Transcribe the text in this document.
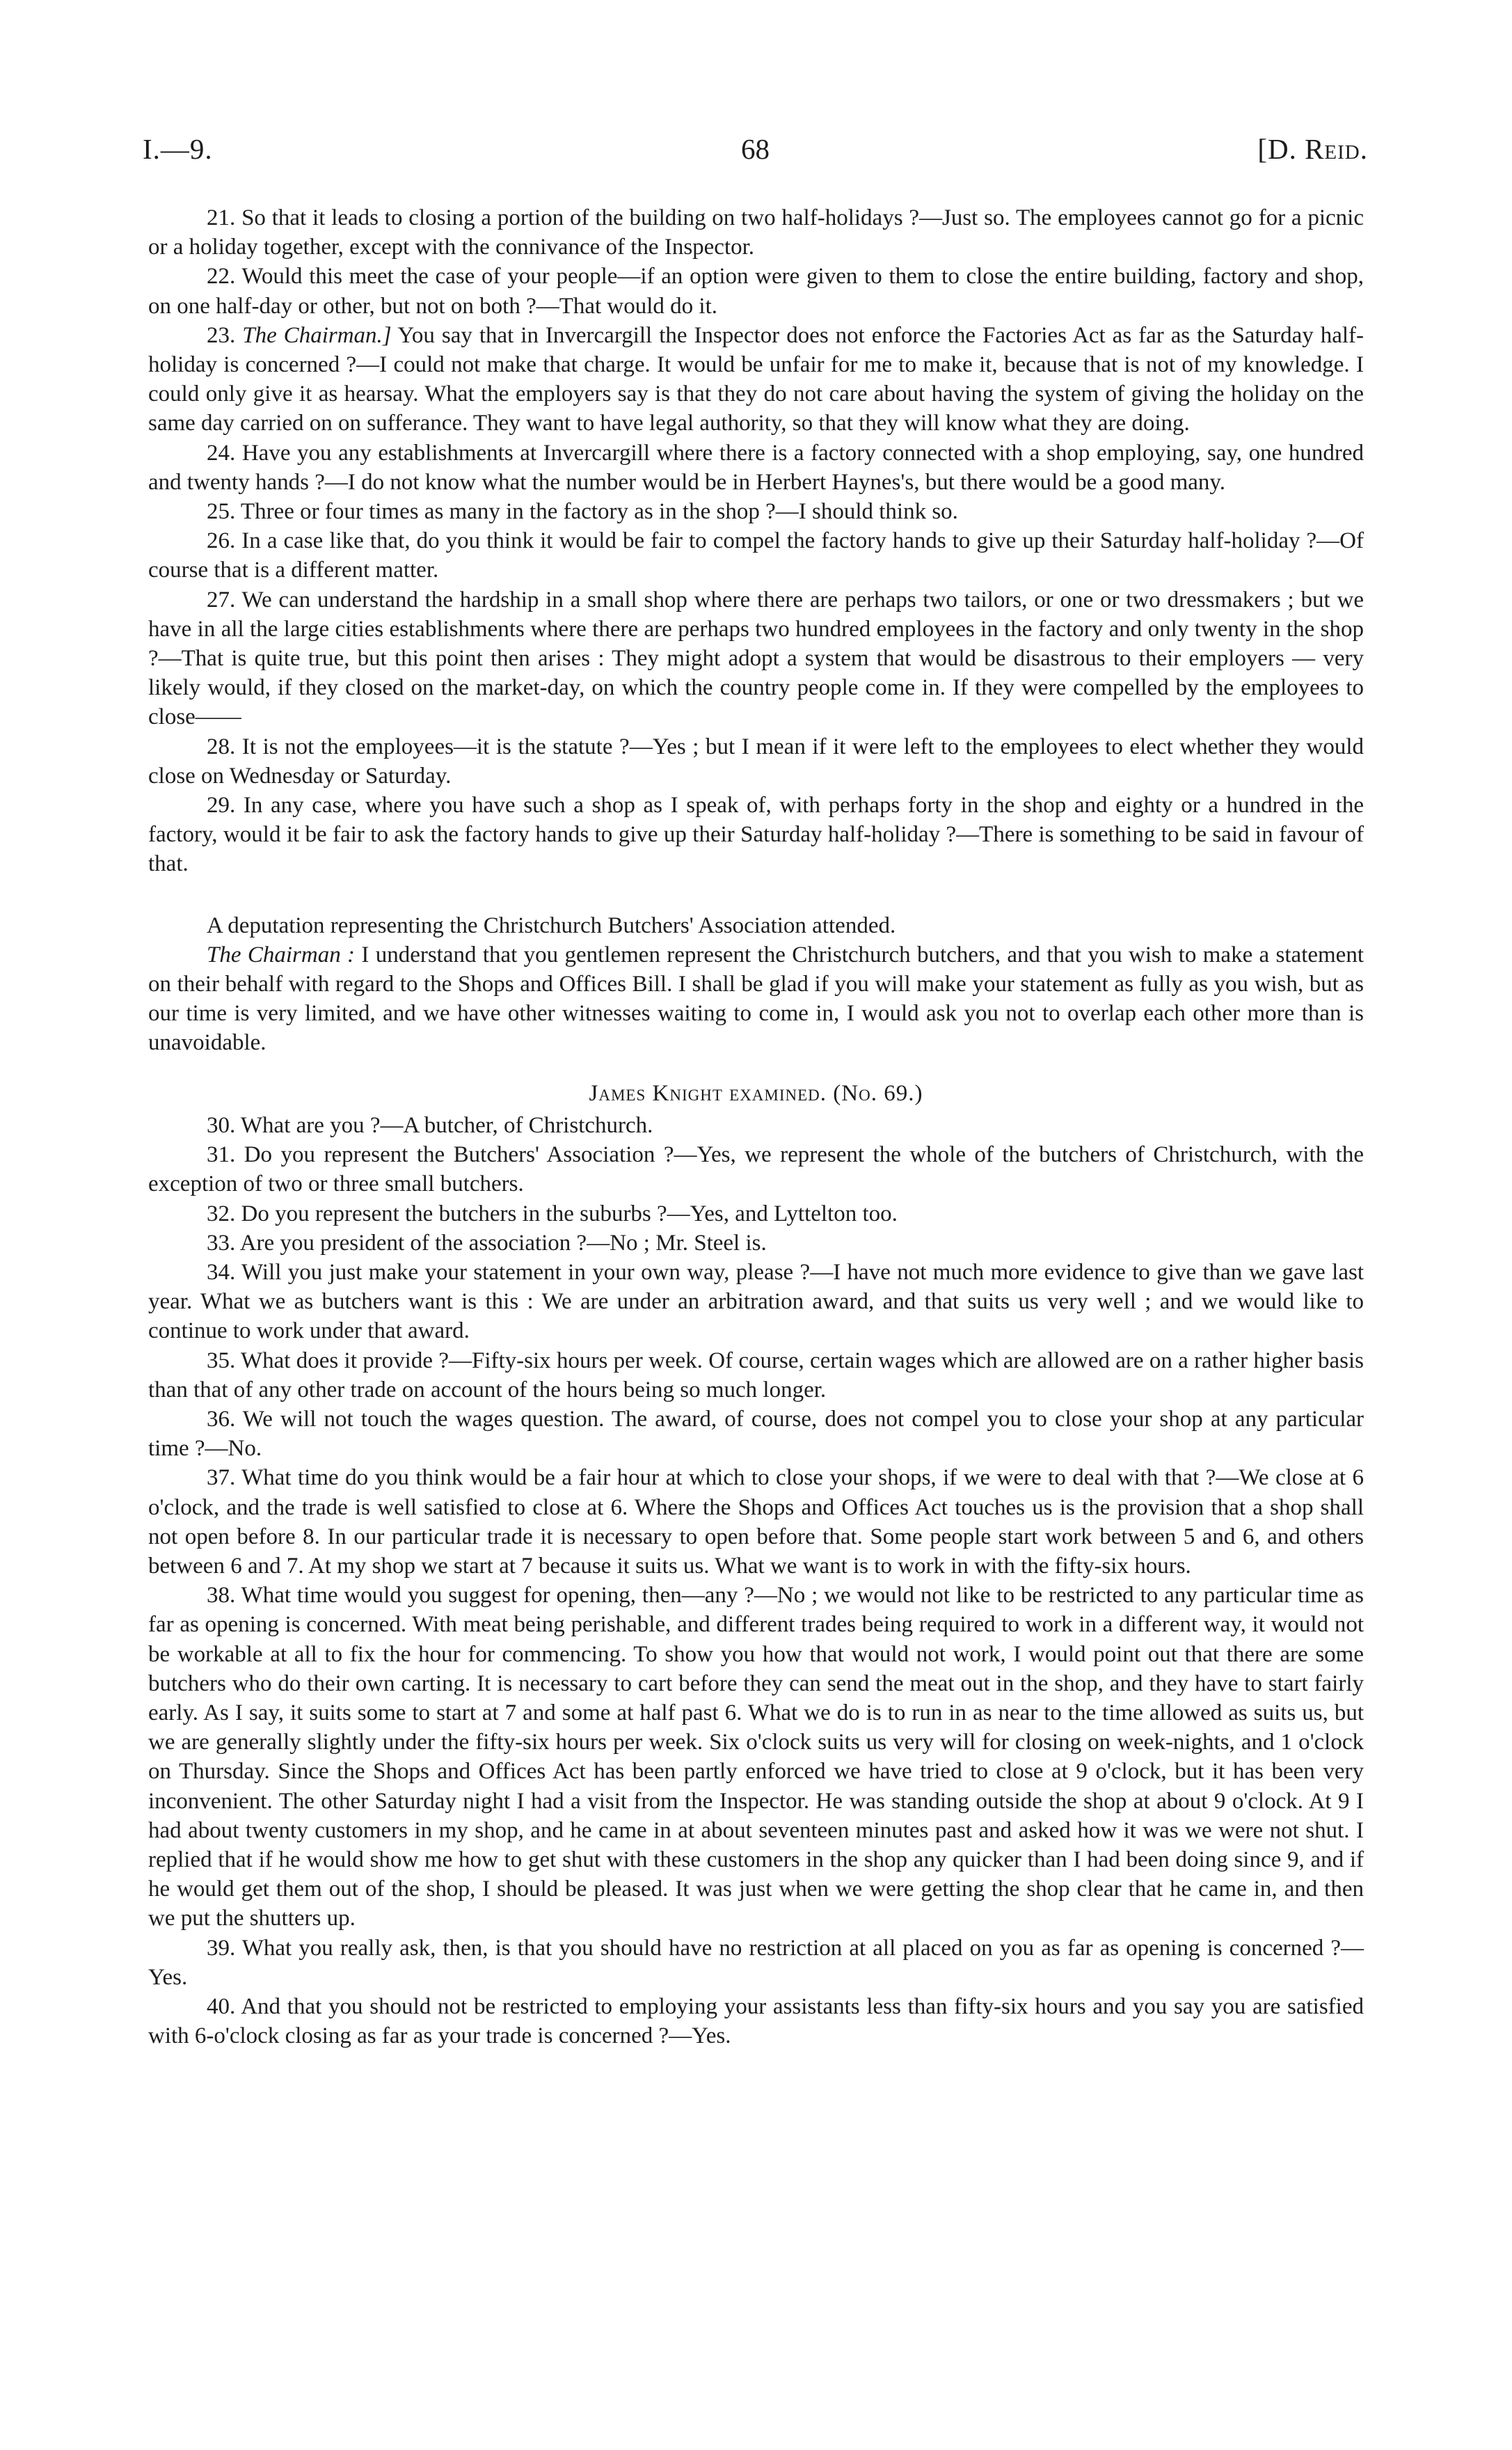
I.—9.	68	[D. Reid.

21. So that it leads to closing a portion of the building on two half-holidays ?—Just so. The employees cannot go for a picnic or a holiday together, except with the connivance of the Inspector.

22. Would this meet the case of your people—if an option were given to them to close the entire building, factory and shop, on one half-day or other, but not on both ?—That would do it.

23. The Chairman.] You say that in Invercargill the Inspector does not enforce the Factories Act as far as the Saturday half-holiday is concerned ?—I could not make that charge. It would be unfair for me to make it, because that is not of my knowledge. I could only give it as hearsay. What the employers say is that they do not care about having the system of giving the holiday on the same day carried on on sufferance. They want to have legal authority, so that they will know what they are doing.

24. Have you any establishments at Invercargill where there is a factory connected with a shop employing, say, one hundred and twenty hands ?—I do not know what the number would be in Herbert Haynes's, but there would be a good many.

25. Three or four times as many in the factory as in the shop ?—I should think so.

26. In a case like that, do you think it would be fair to compel the factory hands to give up their Saturday half-holiday ?—Of course that is a different matter.

27. We can understand the hardship in a small shop where there are perhaps two tailors, or one or two dressmakers ; but we have in all the large cities establishments where there are perhaps two hundred employees in the factory and only twenty in the shop ?—That is quite true, but this point then arises : They might adopt a system that would be disastrous to their employers — very likely would, if they closed on the market-day, on which the country people come in. If they were compelled by the employees to close——

28. It is not the employees—it is the statute ?—Yes ; but I mean if it were left to the employees to elect whether they would close on Wednesday or Saturday.

29. In any case, where you have such a shop as I speak of, with perhaps forty in the shop and eighty or a hundred in the factory, would it be fair to ask the factory hands to give up their Saturday half-holiday ?—There is something to be said in favour of that.

A deputation representing the Christchurch Butchers' Association attended.

The Chairman : I understand that you gentlemen represent the Christchurch butchers, and that you wish to make a statement on their behalf with regard to the Shops and Offices Bill. I shall be glad if you will make your statement as fully as you wish, but as our time is very limited, and we have other witnesses waiting to come in, I would ask you not to overlap each other more than is unavoidable.

James Knight examined. (No. 69.)

30. What are you ?—A butcher, of Christchurch.

31. Do you represent the Butchers' Association ?—Yes, we represent the whole of the butchers of Christchurch, with the exception of two or three small butchers.

32. Do you represent the butchers in the suburbs ?—Yes, and Lyttelton too.

33. Are you president of the association ?—No ; Mr. Steel is.

34. Will you just make your statement in your own way, please ?—I have not much more evidence to give than we gave last year. What we as butchers want is this : We are under an arbitration award, and that suits us very well ; and we would like to continue to work under that award.

35. What does it provide ?—Fifty-six hours per week. Of course, certain wages which are allowed are on a rather higher basis than that of any other trade on account of the hours being so much longer.

36. We will not touch the wages question. The award, of course, does not compel you to close your shop at any particular time ?—No.

37. What time do you think would be a fair hour at which to close your shops, if we were to deal with that ?—We close at 6 o'clock, and the trade is well satisfied to close at 6. Where the Shops and Offices Act touches us is the provision that a shop shall not open before 8. In our particular trade it is necessary to open before that. Some people start work between 5 and 6, and others between 6 and 7. At my shop we start at 7 because it suits us. What we want is to work in with the fifty-six hours.

38. What time would you suggest for opening, then—any ?—No ; we would not like to be restricted to any particular time as far as opening is concerned. With meat being perishable, and different trades being required to work in a different way, it would not be workable at all to fix the hour for commencing. To show you how that would not work, I would point out that there are some butchers who do their own carting. It is necessary to cart before they can send the meat out in the shop, and they have to start fairly early. As I say, it suits some to start at 7 and some at half past 6. What we do is to run in as near to the time allowed as suits us, but we are generally slightly under the fifty-six hours per week. Six o'clock suits us very will for closing on week-nights, and 1 o'clock on Thursday. Since the Shops and Offices Act has been partly enforced we have tried to close at 9 o'clock, but it has been very inconvenient. The other Saturday night I had a visit from the Inspector. He was standing outside the shop at about 9 o'clock. At 9 I had about twenty customers in my shop, and he came in at about seventeen minutes past and asked how it was we were not shut. I replied that if he would show me how to get shut with these customers in the shop any quicker than I had been doing since 9, and if he would get them out of the shop, I should be pleased. It was just when we were getting the shop clear that he came in, and then we put the shutters up.

39. What you really ask, then, is that you should have no restriction at all placed on you as far as opening is concerned ?—Yes.

40. And that you should not be restricted to employing your assistants less than fifty-six hours and you say you are satisfied with 6-o'clock closing as far as your trade is concerned ?—Yes.
